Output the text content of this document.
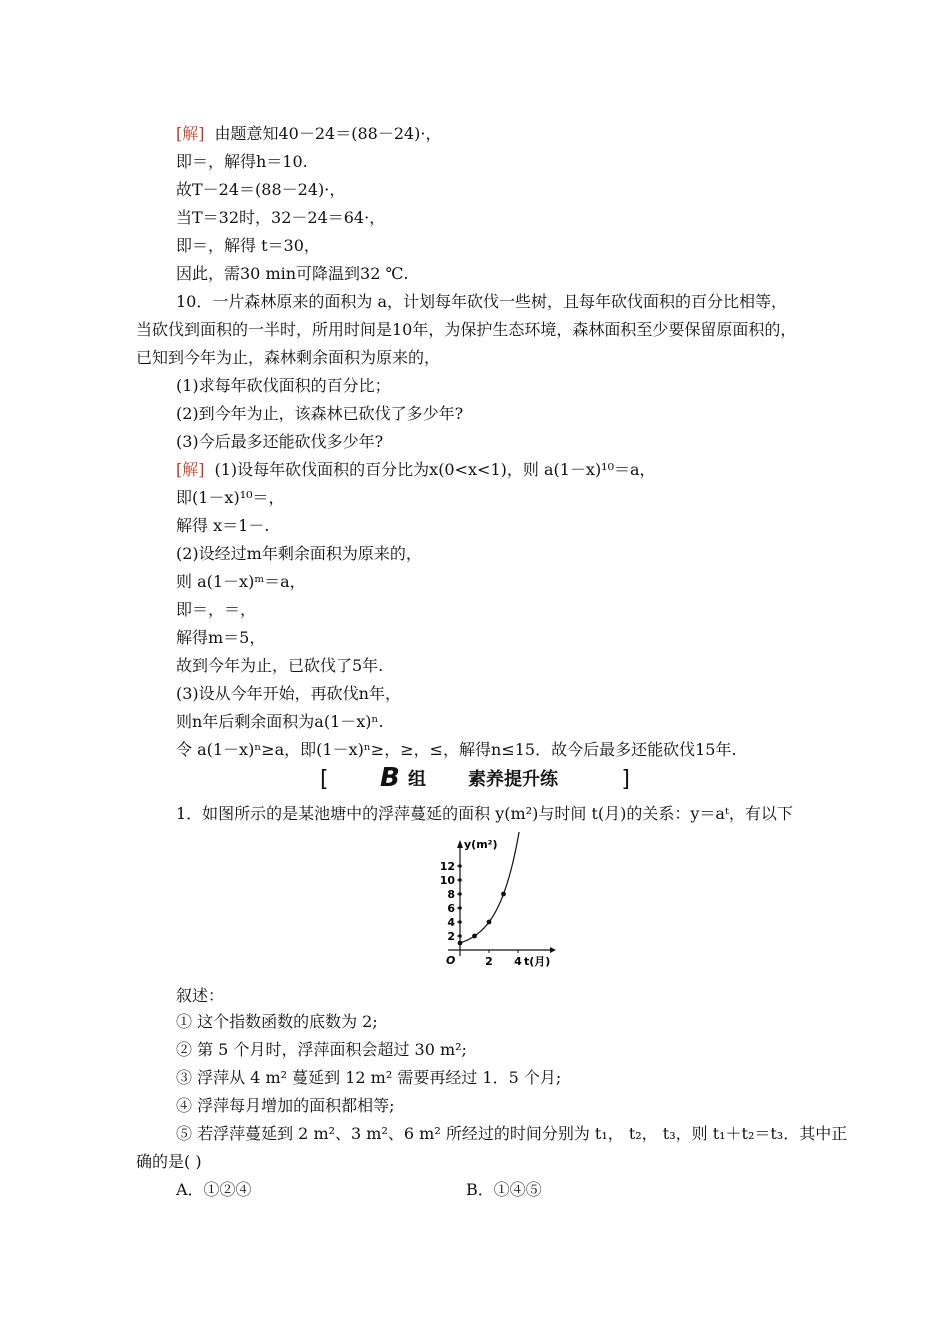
[解] 由题意知40－24＝(88－24)·，
即＝，解得h＝10.
故T－24＝(88－24)·，
当T＝32时，32－24＝64·，
即＝，解得 t＝30，
因此，需30 min可降温到32 ℃.
10．一片森林原来的面积为 a，计划每年砍伐一些树，且每年砍伐面积的百分比相等，
当砍伐到面积的一半时，所用时间是10年，为保护生态环境，森林面积至少要保留原面积的，
已知到今年为止，森林剩余面积为原来的，
(1)求每年砍伐面积的百分比；
(2)到今年为止，该森林已砍伐了多少年?
(3)今后最多还能砍伐多少年?
[解] (1)设每年砍伐面积的百分比为x(0<x<1)，则 a(1－x)¹⁰＝a，
即(1－x)¹⁰＝，
解得 x＝1－.
(2)设经过m年剩余面积为原来的，
则 a(1－x)ᵐ＝a，
即＝，＝，
解得m＝5，
故到今年为止，已砍伐了5年.
(3)设从今年开始，再砍伐n年，
则n年后剩余面积为a(1－x)ⁿ.
令 a(1－x)ⁿ≥a，即(1－x)ⁿ≥，≥，≤，解得n≤15．故今后最多还能砍伐15年.
[ B 组 素养提升练	]
1．如图所示的是某池塘中的浮萍蔓延的面积 y(m²)与时间 t(月)的关系：y＝aᵗ，有以下
y(m²)
t(月)
O
2
4
6
8
10
12
2 4
叙述：
① 这个指数函数的底数为 2;
② 第 5 个月时，浮萍面积会超过 30 m²;
③ 浮萍从 4 m² 蔓延到 12 m² 需要再经过 1．5 个月;
④ 浮萍每月增加的面积都相等;
⑤ 若浮萍蔓延到 2 m²、3 m²、6 m² 所经过的时间分别为 t₁， t₂， t₃，则 t₁＋t₂＝t₃．其中正
确的是( )
A．①②④	B．①④⑤
